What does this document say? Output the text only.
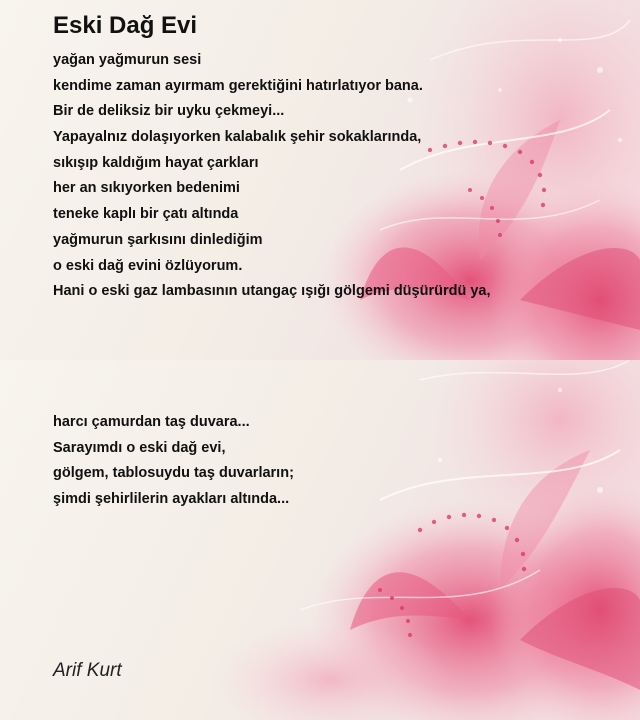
Eski Dağ Evi
yağan yağmurun sesi
kendime zaman ayırmam gerektiğini hatırlatıyor bana.
Bir de deliksiz bir uyku çekmeyi...
Yapayalnız dolaşıyorken kalabalık şehir sokaklarında,
sıkışıp kaldığım hayat çarkları
her an sıkıyorken bedenimi
teneke kaplı bir çatı altında
yağmurun şarkısını dinlediğim
o eski dağ evini özlüyorum.
Hani o eski gaz lambasının utangaç ışığı gölgemi düşürürdü ya,
harcı çamurdan taş duvara...
Sarayımdı o eski dağ evi,
gölgem, tablosuydu taş duvarların;
şimdi şehirlilerin ayakları altında...
Arif Kurt
